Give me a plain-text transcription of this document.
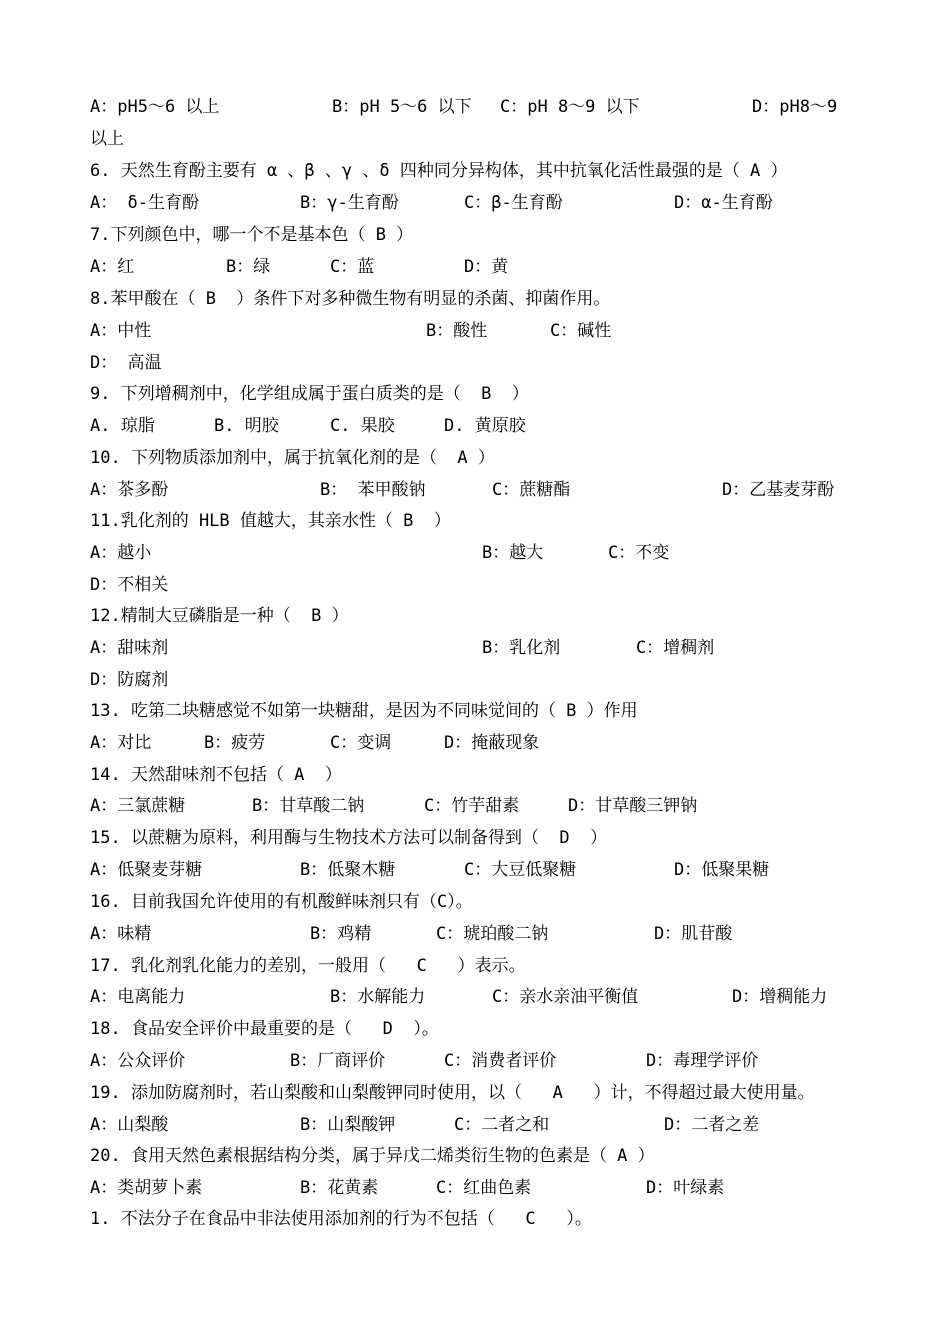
A：pH5～6 以上	B：pH 5～6 以下 C：pH 8～9 以下	D：pH8～9
以上
6. 天然生育酚主要有 α 、β 、γ 、δ 四种同分异构体，其中抗氧化活性最强的是（ A ）
A： δ-生育酚	B：γ-生育酚	C：β-生育酚	D：α-生育酚
7.下列颜色中，哪一个不是基本色（ B ）
A：红	B：绿	C：蓝	D：黄
8.苯甲酸在（ B  ）条件下对多种微生物有明显的杀菌、抑菌作用。
A：中性	B：酸性	C：碱性
D： 高温
9. 下列增稠剂中，化学组成属于蛋白质类的是（  B  ）
A. 琼脂	B. 明胶	C. 果胶	D. 黄原胶
10. 下列物质添加剂中，属于抗氧化剂的是（  A ）
A：茶多酚	B： 苯甲酸钠	C：蔗糖酯	D：乙基麦芽酚
11.乳化剂的 HLB 值越大，其亲水性（ B  ）
A：越小	B：越大	C：不变
D：不相关
12.精制大豆磷脂是一种（  B ）
A：甜味剂	B：乳化剂	C：增稠剂
D：防腐剂
13. 吃第二块糖感觉不如第一块糖甜，是因为不同味觉间的（ B ）作用
A：对比	B：疲劳	C：变调	D：掩蔽现象
14. 天然甜味剂不包括（ A  ）
A：三氯蔗糖	B：甘草酸二钠	C：竹芋甜素	D：甘草酸三钾钠
15. 以蔗糖为原料，利用酶与生物技术方法可以制备得到（  D  ）
A：低聚麦芽糖	B：低聚木糖	C：大豆低聚糖	D：低聚果糖
16. 目前我国允许使用的有机酸鲜味剂只有（C）。
A：味精	B：鸡精	C：琥珀酸二钠	D：肌苷酸
17. 乳化剂乳化能力的差别，一般用（   C   ）表示。
A：电离能力	B：水解能力	C：亲水亲油平衡值	D：增稠能力
18. 食品安全评价中最重要的是（   D  ）。
A：公众评价	B：厂商评价	C：消费者评价	D：毒理学评价
19. 添加防腐剂时，若山梨酸和山梨酸钾同时使用，以（   A   ）计，不得超过最大使用量。
A：山梨酸	B：山梨酸钾	C：二者之和	D：二者之差
20. 食用天然色素根据结构分类，属于异戊二烯类衍生物的色素是（ A ）
A：类胡萝卜素	B：花黄素	C：红曲色素	D：叶绿素
1. 不法分子在食品中非法使用添加剂的行为不包括（   C   ）。
